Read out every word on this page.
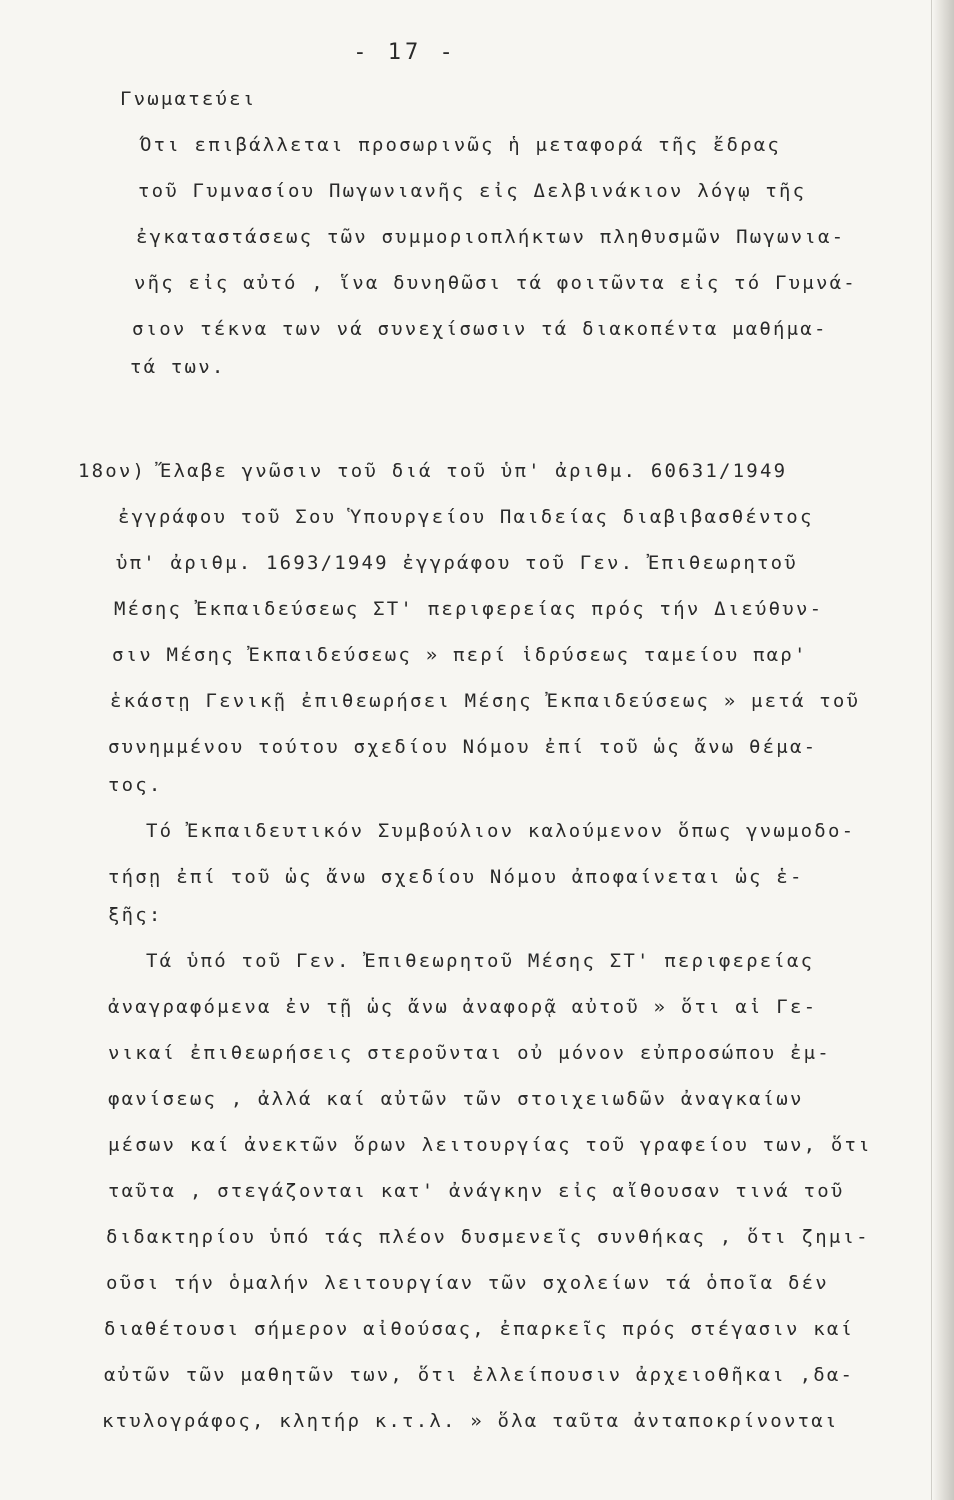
- 17 -
Γνωματεύει
Ότι επιβάλλεται προσωρινῶς ἡ μεταφορά τῆς ἔδρας
τοῦ Γυμνασίου Πωγωνιανῆς εἰς Δελβινάκιον λόγῳ τῆς
ἐγκαταστάσεως τῶν συμμοριοπλήκτων πληθυσμῶν Πωγωνια-
νῆς εἰς αὐτό , ἵνα δυνηθῶσι τά φοιτῶντα εἰς τό Γυμνά-
σιον τέκνα των νά συνεχίσωσιν τά διακοπέντα μαθήμα-
τά των.
18ον) Ἔλαβε γνῶσιν τοῦ διά τοῦ ὑπ' ἀριθμ. 60631/1949
ἐγγράφου τοῦ Σου Ὑπουργείου Παιδείας διαβιβασθέντος
ὑπ' ἀριθμ. 1693/1949 ἐγγράφου τοῦ Γεν. Ἐπιθεωρητοῦ
Μέσης Ἐκπαιδεύσεως ΣΤ' περιφερείας πρός τήν Διεύθυν-
σιν Μέσης Ἐκπαιδεύσεως » περί ἱδρύσεως ταμείου παρ'
ἑκάστῃ Γενικῇ ἐπιθεωρήσει Μέσης Ἐκπαιδεύσεως » μετά τοῦ
συνημμένου τούτου σχεδίου Νόμου ἐπί τοῦ ὡς ἄνω θέμα-
τος.
Τό Ἐκπαιδευτικόν Συμβούλιον καλούμενον ὅπως γνωμοδο-
τήσῃ ἐπί τοῦ ὡς ἄνω σχεδίου Νόμου ἀποφαίνεται ὡς ἑ-
ξῆς:
Τά ὑπό τοῦ Γεν. Ἐπιθεωρητοῦ Μέσης ΣΤ' περιφερείας
ἀναγραφόμενα ἐν τῇ ὡς ἄνω ἀναφορᾷ αὐτοῦ » ὅτι αἱ Γε-
νικαί ἐπιθεωρήσεις στεροῦνται οὐ μόνον εὐπροσώπου ἐμ-
φανίσεως , ἀλλά καί αὐτῶν τῶν στοιχειωδῶν ἀναγκαίων
μέσων καί ἀνεκτῶν ὅρων λειτουργίας τοῦ γραφείου των, ὅτι
ταῦτα , στεγάζονται κατ' ἀνάγκην εἰς αἴθουσαν τινά τοῦ
διδακτηρίου ὑπό τάς πλέον δυσμενεῖς συνθήκας , ὅτι ζημι-
οῦσι τήν ὁμαλήν λειτουργίαν τῶν σχολείων τά ὁποῖα δέν
διαθέτουσι σήμερον αἰθούσας, ἐπαρκεῖς πρός στέγασιν καί
αὐτῶν τῶν μαθητῶν των, ὅτι ἐλλείπουσιν ἀρχειοθῆκαι ,δα-
κτυλογράφος, κλητήρ κ.τ.λ. » ὅλα ταῦτα ἀνταποκρίνονται
